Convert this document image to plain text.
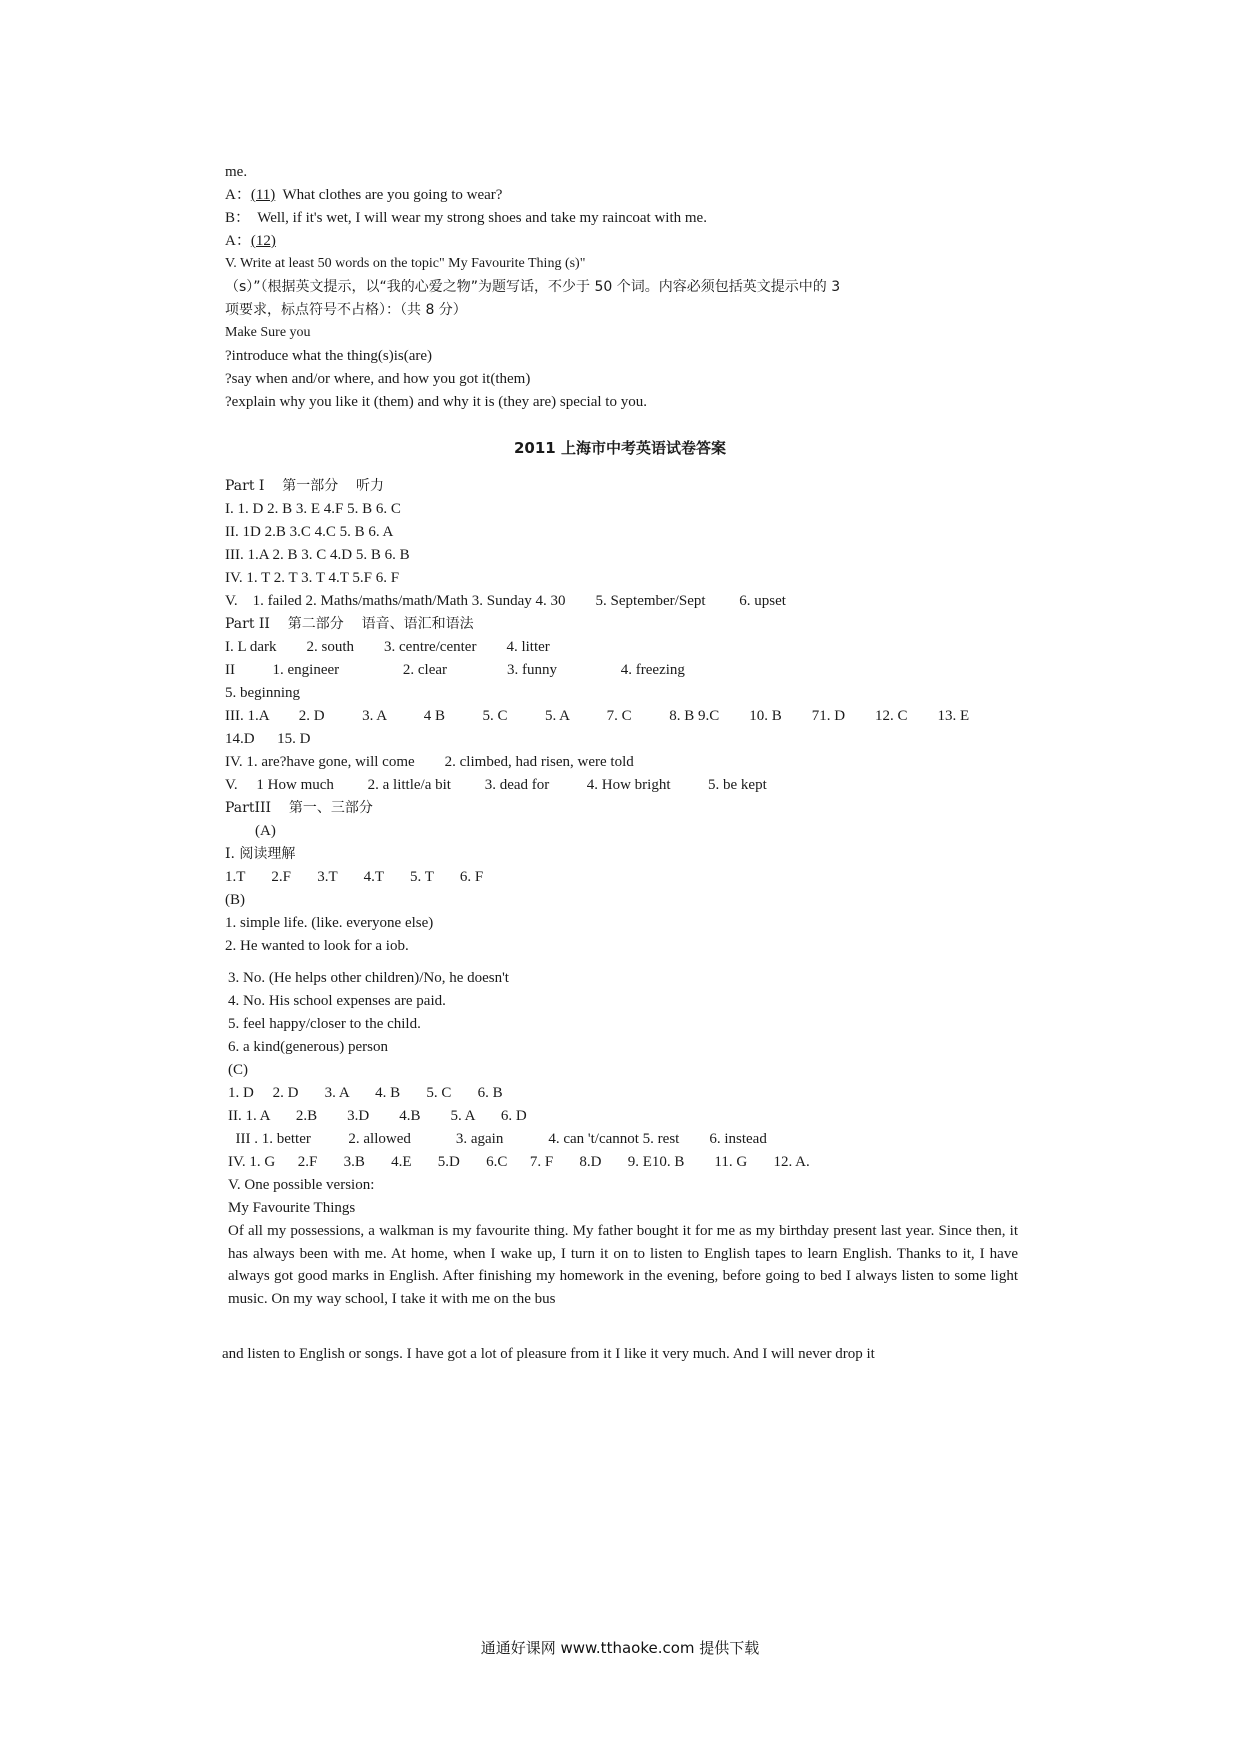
me.
A：(11)  What clothes are you going to wear?
B：  Well, if it's wet, I will wear my strong shoes and take my raincoat with me.
A：(12)
V. Write at least 50 words on the topic" My Favourite Thing (s)"
（s）”（根据英文提示，以“我的心爱之物”为题写话，不少于 50 个词。内容必须包括英文提示中的 3
项要求，标点符号不占格）：（共 8 分）
Make Sure you
?introduce what the thing(s)is(are)
?say when and/or where, and how you got it(them)
?explain why you like it (them) and why it is (they are) special to you.
2011 上海市中考英语试卷答案
Part I    第一部分    听力
I. 1. D 2. B 3. E 4.F 5. B 6. C
II. 1D 2.B 3.C 4.C 5. B 6. A
III. 1.A 2. B 3. C 4.D 5. B 6. B
IV. 1. T 2. T 3. T 4.T 5.F 6. F
V.    1. failed 2. Maths/maths/math/Math 3. Sunday 4. 30        5. September/Sept         6. upset
Part II    第二部分    语音、语汇和语法
I. L dark        2. south        3. centre/center        4. litter
II          1. engineer                 2. clear                3. funny                 4. freezing
5. beginning
III. 1.A        2. D          3. A          4 B          5. C          5. A          7. C          8. B 9.C        10. B        71. D        12. C        13. E
14.D      15. D
IV. 1. are?have gone, will come        2. climbed, had risen, were told
V.     1 How much         2. a little/a bit         3. dead for          4. How bright          5. be kept
PartIII    第一、三部分
(A)
I. 阅读理解
1.T       2.F       3.T       4.T       5. T       6. F
(B)
1. simple life. (like. everyone else)
2. He wanted to look for a iob.
3. No. (He helps other children)/No, he doesn't
4. No. His school expenses are paid.
5. feel happy/closer to the child.
6. a kind(generous) person
(C)
1. D     2. D       3. A       4. B       5. C       6. B
II. 1. A       2.B        3.D        4.B        5. A       6. D
III . 1. better          2. allowed            3. again            4. can 't/cannot 5. rest        6. instead
IV. 1. G      2.F       3.B       4.E       5.D       6.C      7. F       8.D       9. E10. B        11. G       12. A.
V. One possible version:
My Favourite Things
Of all my possessions, a walkman is my favourite thing. My father bought it for me as my birthday present last year. Since then, it has always been with me. At home, when I wake up, I turn it on to listen to English tapes to learn English. Thanks to it, I have always got good marks in English. After finishing my homework in the evening, before going to bed I always listen to some light music. On my way school, I take it with me on the bus
and listen to English or songs. I have got a lot of pleasure from it I like it very much. And I will never drop it
通通好课网 www.tthaoke.com 提供下载
